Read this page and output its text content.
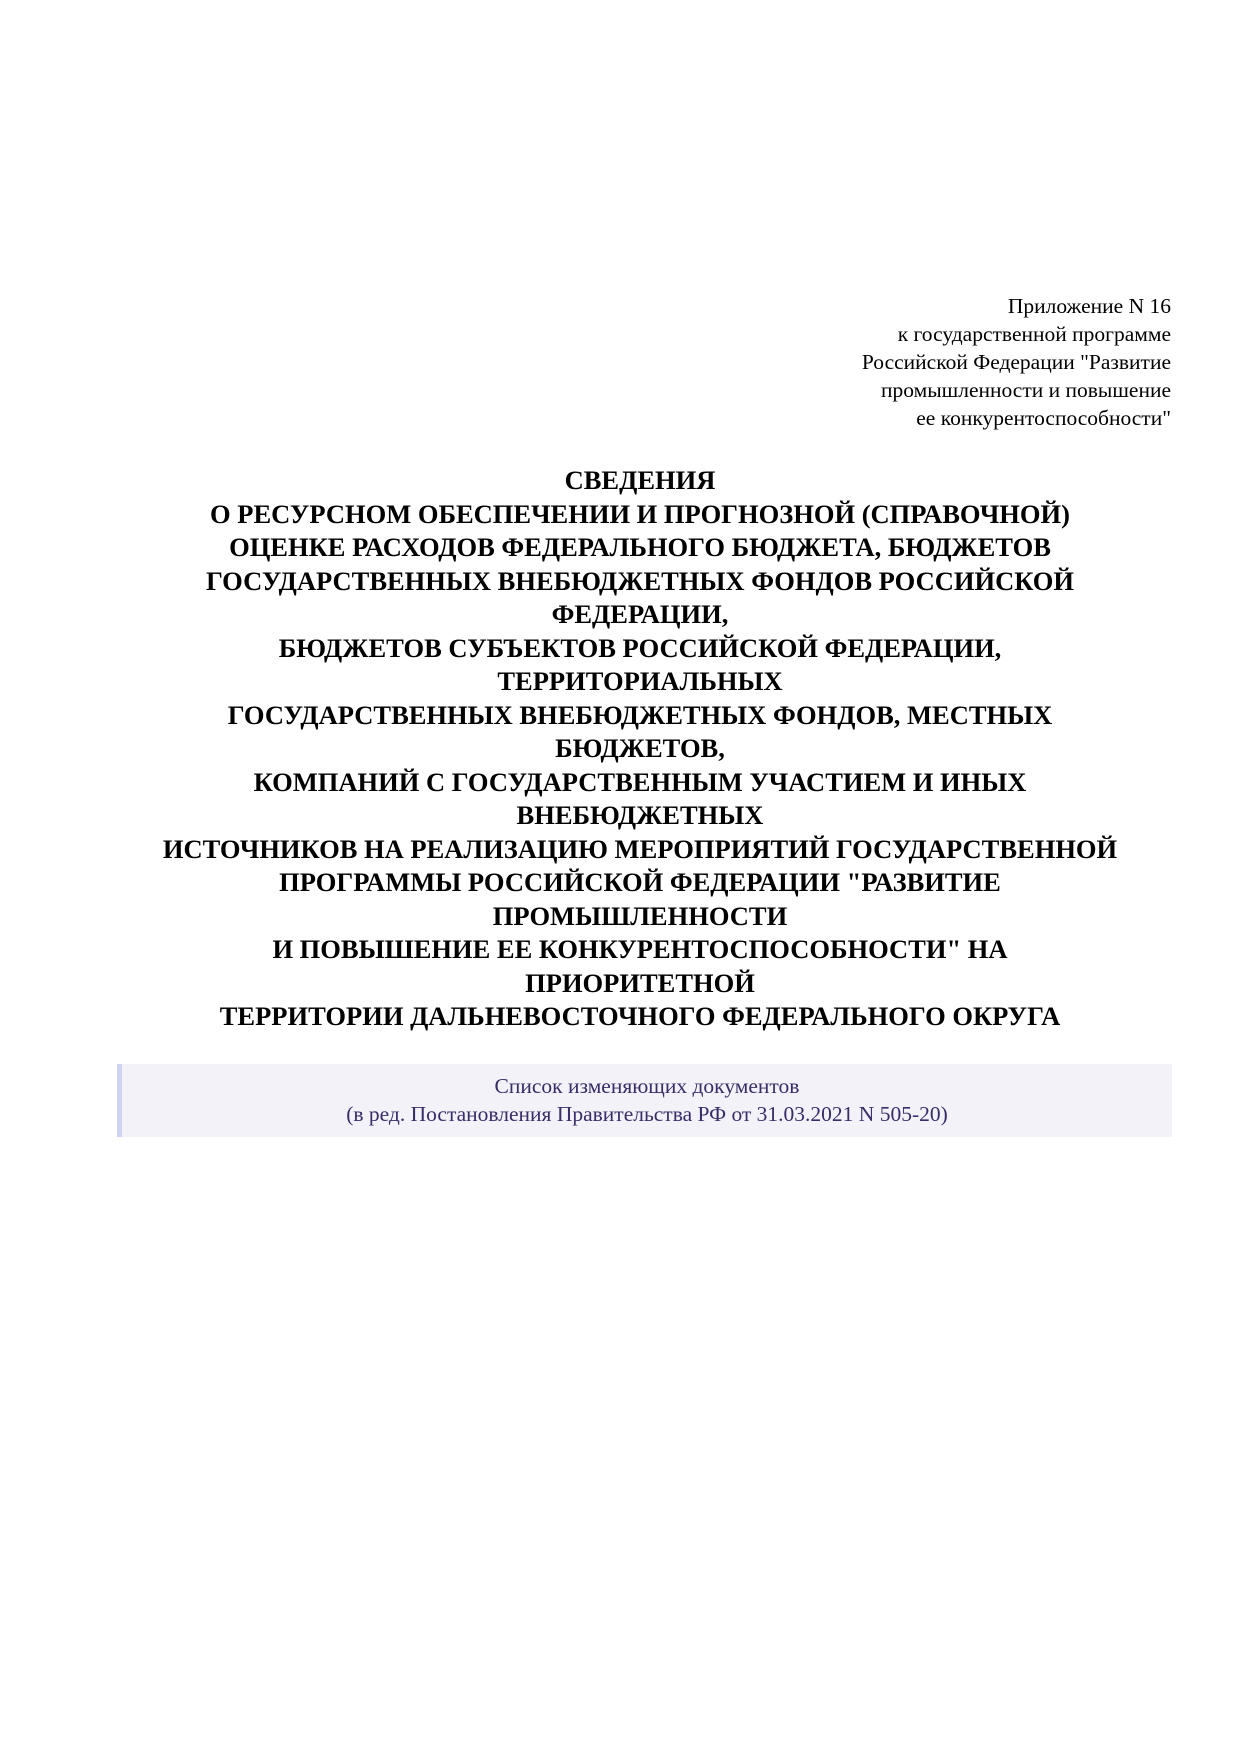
Приложение N 16
к государственной программе
Российской Федерации "Развитие
промышленности и повышение
ее конкурентоспособности"
СВЕДЕНИЯ
О РЕСУРСНОМ ОБЕСПЕЧЕНИИ И ПРОГНОЗНОЙ (СПРАВОЧНОЙ)
ОЦЕНКЕ РАСХОДОВ ФЕДЕРАЛЬНОГО БЮДЖЕТА, БЮДЖЕТОВ
ГОСУДАРСТВЕННЫХ ВНЕБЮДЖЕТНЫХ ФОНДОВ РОССИЙСКОЙ
ФЕДЕРАЦИИ,
БЮДЖЕТОВ СУБЪЕКТОВ РОССИЙСКОЙ ФЕДЕРАЦИИ,
ТЕРРИТОРИАЛЬНЫХ
ГОСУДАРСТВЕННЫХ ВНЕБЮДЖЕТНЫХ ФОНДОВ, МЕСТНЫХ
БЮДЖЕТОВ,
КОМПАНИЙ С ГОСУДАРСТВЕННЫМ УЧАСТИЕМ И ИНЫХ
ВНЕБЮДЖЕТНЫХ
ИСТОЧНИКОВ НА РЕАЛИЗАЦИЮ МЕРОПРИЯТИЙ ГОСУДАРСТВЕННОЙ
ПРОГРАММЫ РОССИЙСКОЙ ФЕДЕРАЦИИ "РАЗВИТИЕ
ПРОМЫШЛЕННОСТИ
И ПОВЫШЕНИЕ ЕЕ КОНКУРЕНТОСПОСОБНОСТИ" НА
ПРИОРИТЕТНОЙ
ТЕРРИТОРИИ ДАЛЬНЕВОСТОЧНОГО ФЕДЕРАЛЬНОГО ОКРУГА
Список изменяющих документов
(в ред. Постановления Правительства РФ от 31.03.2021 N 505-20)
